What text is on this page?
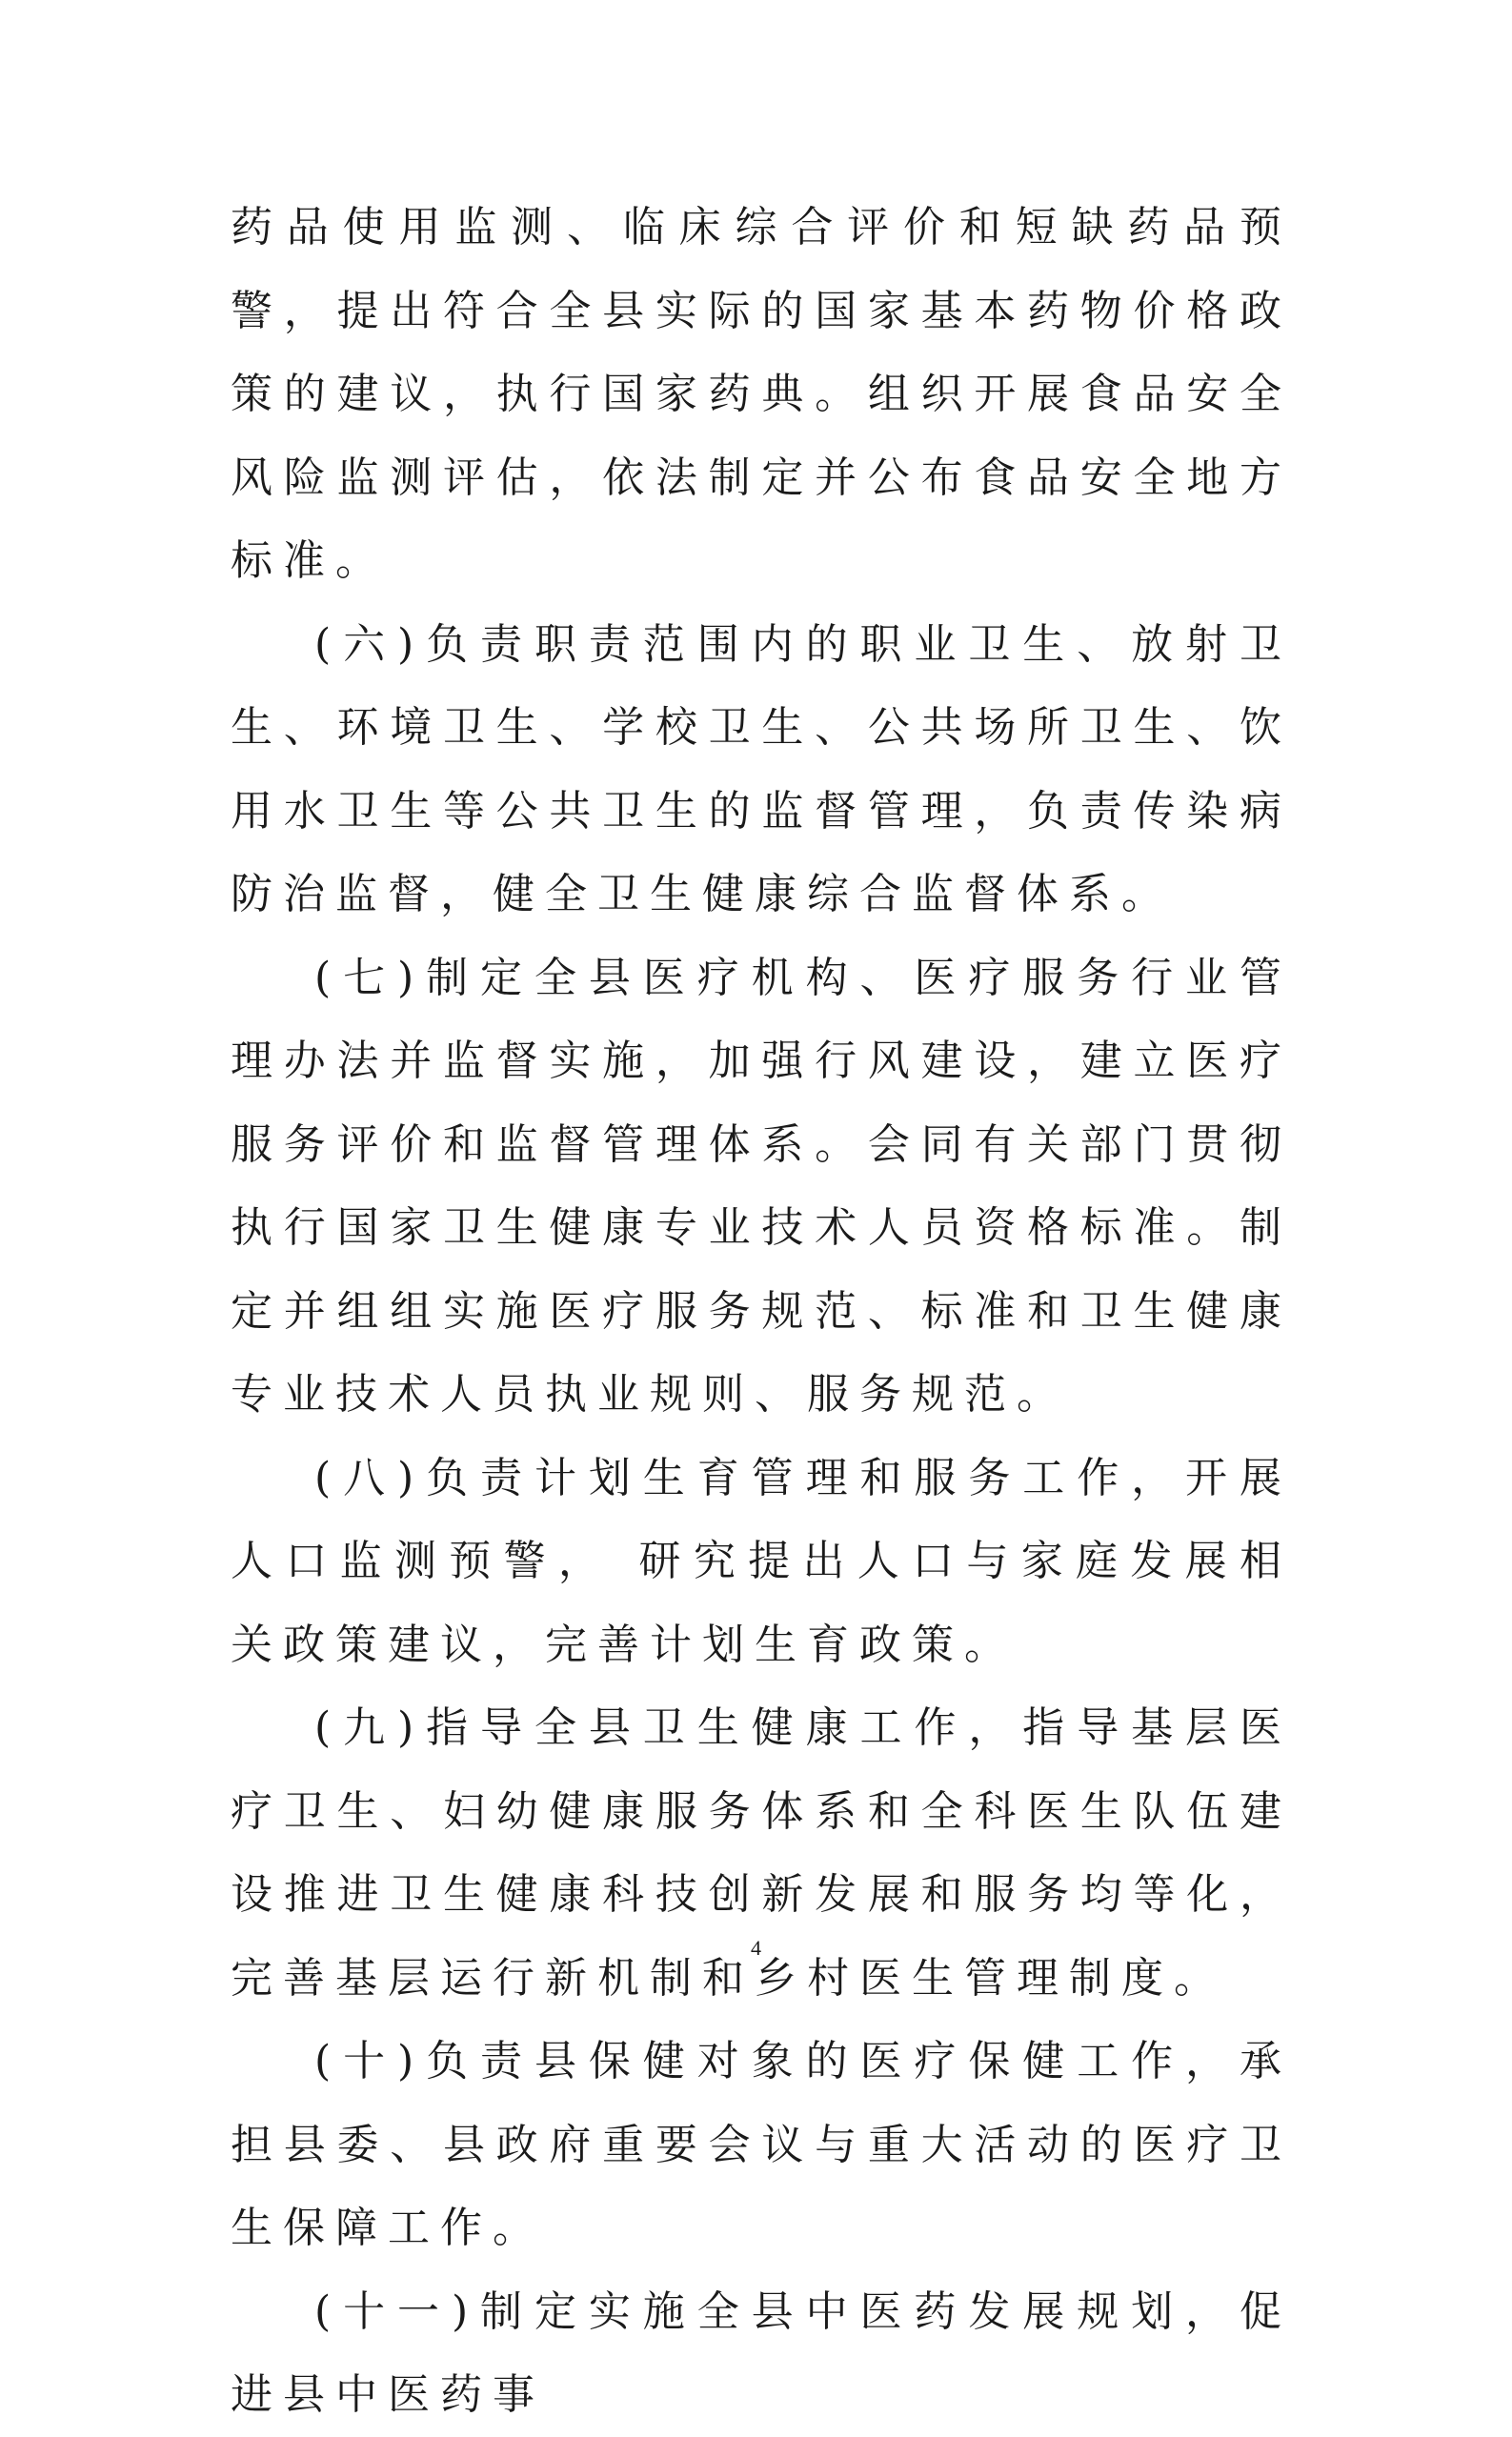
药品使用监测、临床综合评价和短缺药品预警，提出符合全县实际的国家基本药物价格政策的建议，执行国家药典。组织开展食品安全风险监测评估，依法制定并公布食品安全地方标准。

(六)负责职责范围内的职业卫生、放射卫生、环境卫生、学校卫生、公共场所卫生、饮用水卫生等公共卫生的监督管理，负责传染病防治监督，健全卫生健康综合监督体系。

(七)制定全县医疗机构、医疗服务行业管理办法并监督实施，加强行风建设，建立医疗服务评价和监督管理体系。会同有关部门贯彻执行国家卫生健康专业技术人员资格标准。制定并组组实施医疗服务规范、标准和卫生健康专业技术人员执业规则、服务规范。

(八)负责计划生育管理和服务工作，开展人口监测预警， 研究提出人口与家庭发展相关政策建议，完善计划生育政策。

(九)指导全县卫生健康工作，指导基层医疗卫生、妇幼健康服务体系和全科医生队伍建设推进卫生健康科技创新发展和服务均等化，完善基层运行新机制和乡村医生管理制度。

(十)负责县保健对象的医疗保健工作，承担县委、县政府重要会议与重大活动的医疗卫生保障工作。

(十一)制定实施全县中医药发展规划，促进县中医药事

4
